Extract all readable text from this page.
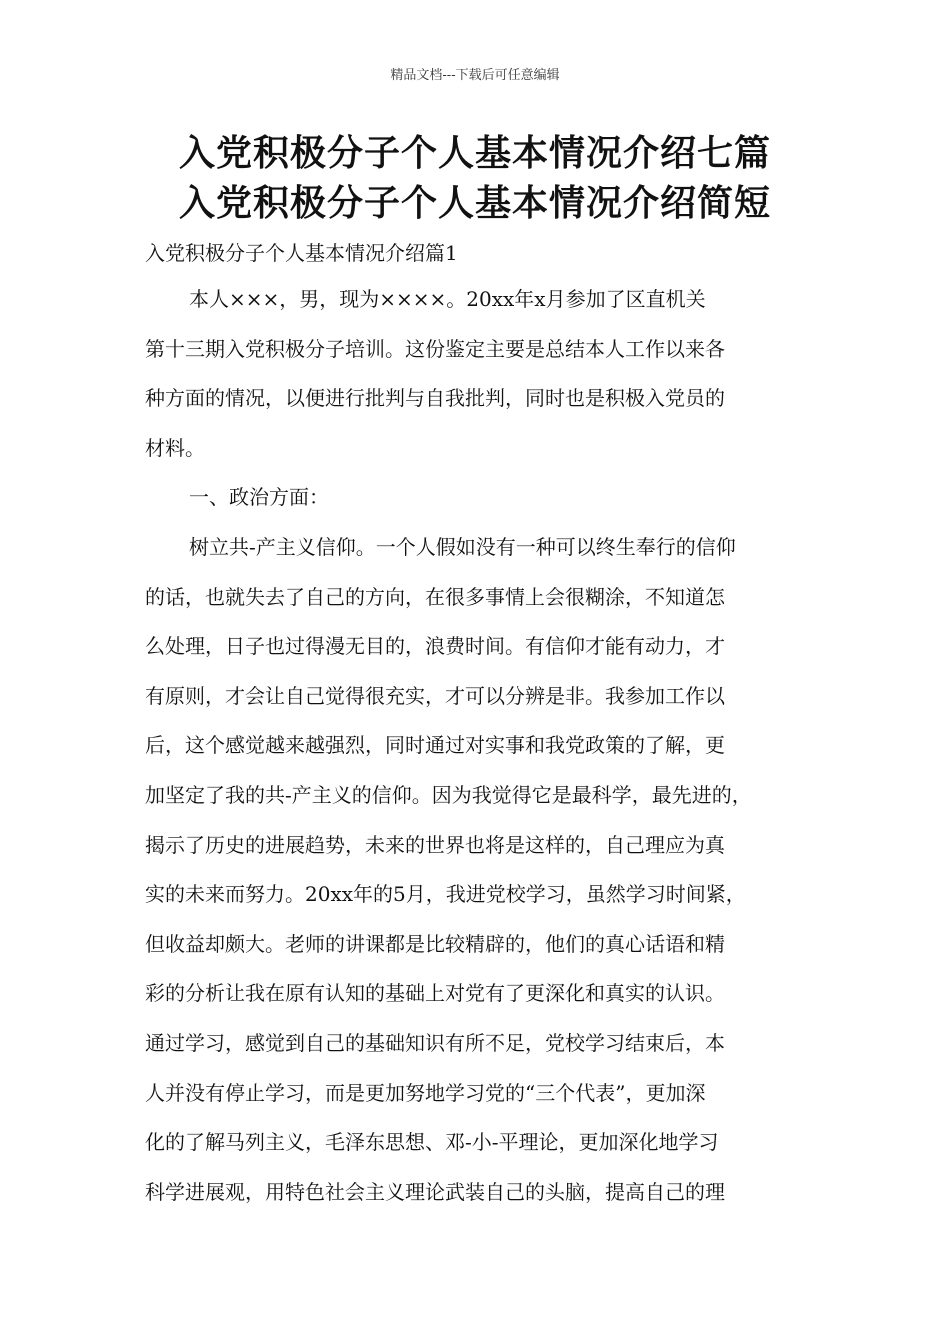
精品文档---下载后可任意编辑
入党积极分子个人基本情况介绍七篇
入党积极分子个人基本情况介绍简短
入党积极分子个人基本情况介绍篇1
本人×××，男，现为××××。20xx年x月参加了区直机关
第十三期入党积极分子培训。这份鉴定主要是总结本人工作以来各
种方面的情况，以便进行批判与自我批判，同时也是积极入党员的
材料。
一、政治方面：
树立共-产主义信仰。一个人假如没有一种可以终生奉行的信仰
的话，也就失去了自己的方向，在很多事情上会很糊涂，不知道怎
么处理，日子也过得漫无目的，浪费时间。有信仰才能有动力，才
有原则，才会让自己觉得很充实，才可以分辨是非。我参加工作以
后，这个感觉越来越强烈，同时通过对实事和我党政策的了解，更
加坚定了我的共-产主义的信仰。因为我觉得它是最科学，最先进的，
揭示了历史的进展趋势，未来的世界也将是这样的，自己理应为真
实的未来而努力。20xx年的5月，我进党校学习，虽然学习时间紧，
但收益却颇大。老师的讲课都是比较精辟的，他们的真心话语和精
彩的分析让我在原有认知的基础上对党有了更深化和真实的认识。
通过学习，感觉到自己的基础知识有所不足，党校学习结束后，本
人并没有停止学习，而是更加努地学习党的“三个代表”，更加深
化的了解马列主义，毛泽东思想、邓-小-平理论，更加深化地学习
科学进展观，用特色社会主义理论武装自己的头脑，提高自己的理
